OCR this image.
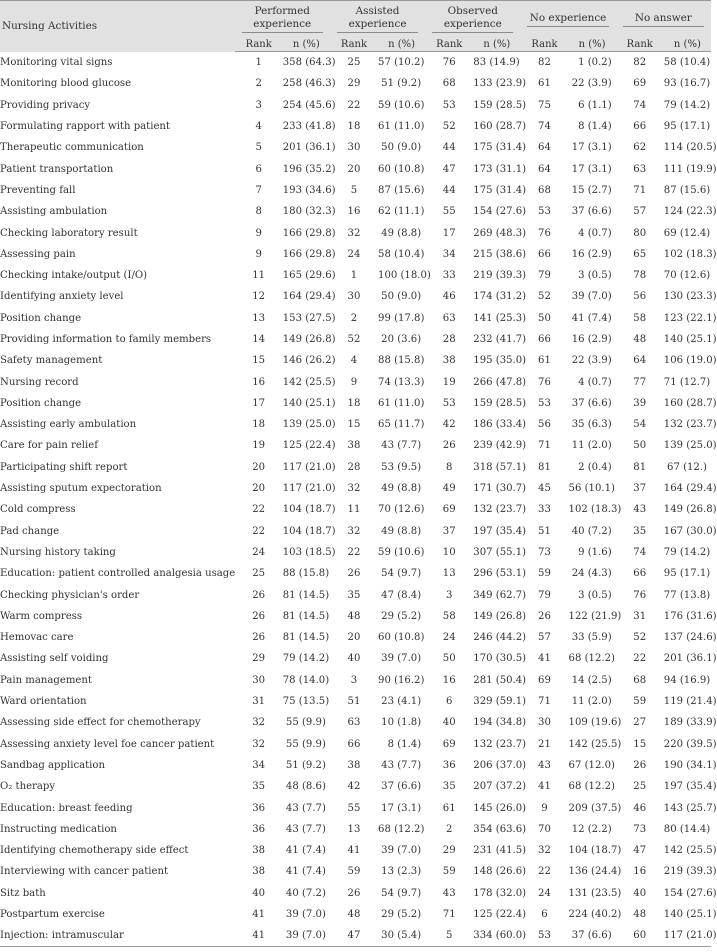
Nursing Activities	Performed experience		Assisted experience		Observed experience		No experience		No answer	

	Rank	n (%)	Rank	n (%)	Rank	n (%)	Rank	n (%)	Rank	n (%)
Monitoring vital signs	1	358 (64.3)	25	57 (10.2)	76	83 (14.9)	82	1 (0.2)	82	58 (10.4)
Monitoring blood glucose	2	258 (46.3)	29	51 (9.2)	68	133 (23.9)	61	22 (3.9)	69	93 (16.7)
Providing privacy	3	254 (45.6)	22	59 (10.6)	53	159 (28.5)	75	6 (1.1)	74	79 (14.2)
Formulating rapport with patient	4	233 (41.8)	18	61 (11.0)	52	160 (28.7)	74	8 (1.4)	66	95 (17.1)
Therapeutic communication	5	201 (36.1)	30	50 (9.0)	44	175 (31.4)	64	17 (3.1)	62	114 (20.5)
Patient transportation	6	196 (35.2)	20	60 (10.8)	47	173 (31.1)	64	17 (3.1)	63	111 (19.9)
Preventing fall	7	193 (34.6)	5	87 (15.6)	44	175 (31.4)	68	15 (2.7)	71	87 (15.6)
Assisting ambulation	8	180 (32.3)	16	62 (11.1)	55	154 (27.6)	53	37 (6.6)	57	124 (22.3)
Checking laboratory result	9	166 (29.8)	32	49 (8.8)	17	269 (48.3)	76	4 (0.7)	80	69 (12.4)
Assessing pain	9	166 (29.8)	24	58 (10.4)	34	215 (38.6)	66	16 (2.9)	65	102 (18.3)
Checking intake/output (I/O)	11	165 (29.6)	1	100 (18.0)	33	219 (39.3)	79	3 (0.5)	78	70 (12.6)
Identifying anxiety level	12	164 (29.4)	30	50 (9.0)	46	174 (31.2)	52	39 (7.0)	56	130 (23.3)
Position change	13	153 (27.5)	2	99 (17.8)	63	141 (25.3)	50	41 (7.4)	58	123 (22.1)
Providing information to family members	14	149 (26.8)	52	20 (3.6)	28	232 (41.7)	66	16 (2.9)	48	140 (25.1)
Safety management	15	146 (26.2)	4	88 (15.8)	38	195 (35.0)	61	22 (3.9)	64	106 (19.0)
Nursing record	16	142 (25.5)	9	74 (13.3)	19	266 (47.8)	76	4 (0.7)	77	71 (12.7)
Position change	17	140 (25.1)	18	61 (11.0)	53	159 (28.5)	53	37 (6.6)	39	160 (28.7)
Assisting early ambulation	18	139 (25.0)	15	65 (11.7)	42	186 (33.4)	56	35 (6.3)	54	132 (23.7)
Care for pain relief	19	125 (22.4)	38	43 (7.7)	26	239 (42.9)	71	11 (2.0)	50	139 (25.0)
Participating shift report	20	117 (21.0)	28	53 (9.5)	8	318 (57.1)	81	2 (0.4)	81	67 (12.)
Assisting sputum expectoration	20	117 (21.0)	32	49 (8.8)	49	171 (30.7)	45	56 (10.1)	37	164 (29.4)
Cold compress	22	104 (18.7)	11	70 (12.6)	69	132 (23.7)	33	102 (18.3)	43	149 (26.8)
Pad change	22	104 (18.7)	32	49 (8.8)	37	197 (35.4)	51	40 (7.2)	35	167 (30.0)
Nursing history taking	24	103 (18.5)	22	59 (10.6)	10	307 (55.1)	73	9 (1.6)	74	79 (14.2)
Education: patient controlled analgesia usage	25	88 (15.8)	26	54 (9.7)	13	296 (53.1)	59	24 (4.3)	66	95 (17.1)
Checking physician's order	26	81 (14.5)	35	47 (8.4)	3	349 (62.7)	79	3 (0.5)	76	77 (13.8)
Warm compress	26	81 (14.5)	48	29 (5.2)	58	149 (26.8)	26	122 (21.9)	31	176 (31.6)
Hemovac care	26	81 (14.5)	20	60 (10.8)	24	246 (44.2)	57	33 (5.9)	52	137 (24.6)
Assisting self voiding	29	79 (14.2)	40	39 (7.0)	50	170 (30.5)	41	68 (12.2)	22	201 (36.1)
Pain management	30	78 (14.0)	3	90 (16.2)	16	281 (50.4)	69	14 (2.5)	68	94 (16.9)
Ward orientation	31	75 (13.5)	51	23 (4.1)	6	329 (59.1)	71	11 (2.0)	59	119 (21.4)
Assessing side effect for chemotherapy	32	55 (9.9)	63	10 (1.8)	40	194 (34.8)	30	109 (19.6)	27	189 (33.9)
Assessing anxiety level foe cancer patient	32	55 (9.9)	66	8 (1.4)	69	132 (23.7)	21	142 (25.5)	15	220 (39.5)
Sandbag application	34	51 (9.2)	38	43 (7.7)	36	206 (37.0)	43	67 (12.0)	26	190 (34.1)
O₂ therapy	35	48 (8.6)	42	37 (6.6)	35	207 (37.2)	41	68 (12.2)	25	197 (35.4)
Education: breast feeding	36	43 (7.7)	55	17 (3.1)	61	145 (26.0)	9	209 (37.5)	46	143 (25.7)
Instructing medication	36	43 (7.7)	13	68 (12.2)	2	354 (63.6)	70	12 (2.2)	73	80 (14.4)
Identifying chemotherapy side effect	38	41 (7.4)	41	39 (7.0)	29	231 (41.5)	32	104 (18.7)	47	142 (25.5)
Interviewing with cancer patient	38	41 (7.4)	59	13 (2.3)	59	148 (26.6)	22	136 (24.4)	16	219 (39.3)
Sitz bath	40	40 (7.2)	26	54 (9.7)	43	178 (32.0)	24	131 (23.5)	40	154 (27.6)
Postpartum exercise	41	39 (7.0)	48	29 (5.2)	71	125 (22.4)	6	224 (40.2)	48	140 (25.1)
Injection: intramuscular	41	39 (7.0)	47	30 (5.4)	5	334 (60.0)	53	37 (6.6)	60	117 (21.0)
